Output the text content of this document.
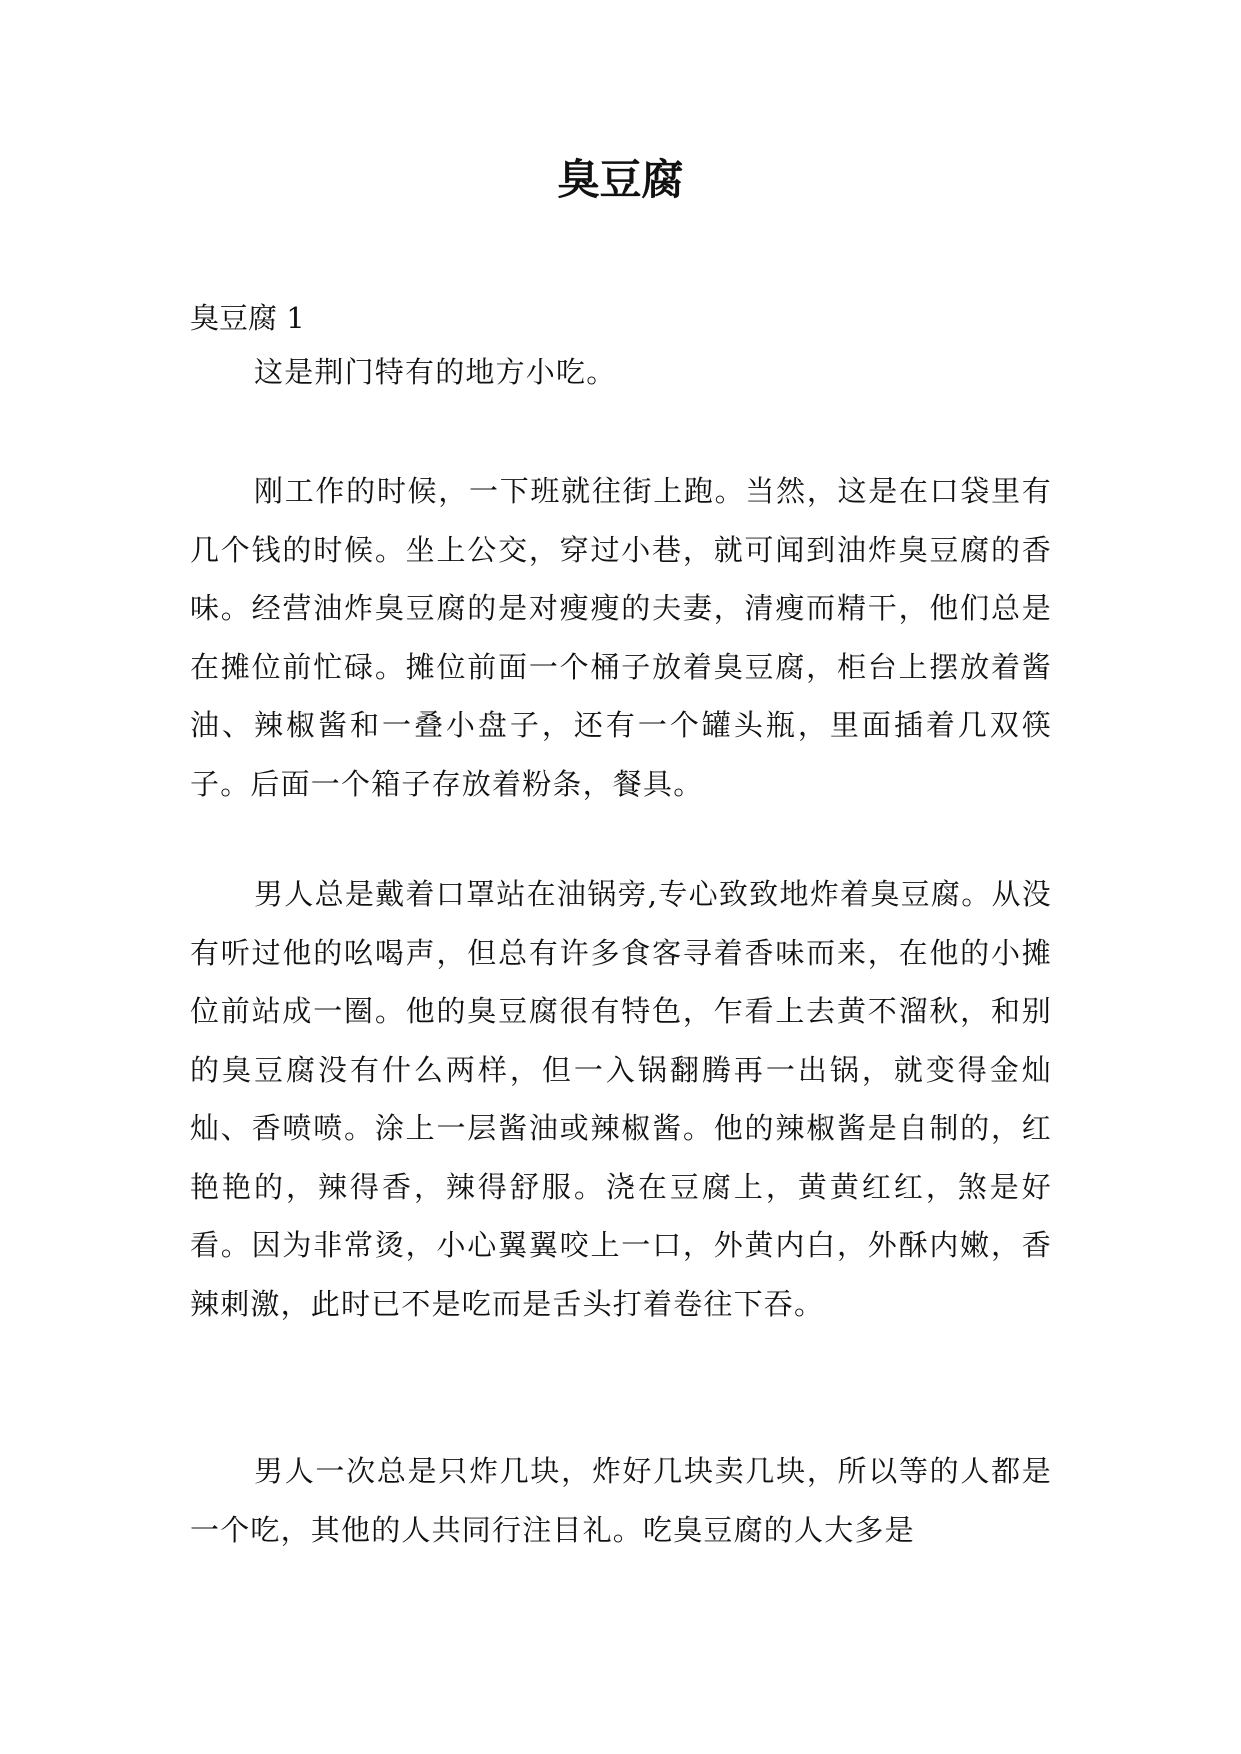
臭豆腐

臭豆腐 1

这是荆门特有的地方小吃。

刚工作的时候，一下班就往街上跑。当然，这是在口袋里有几个钱的时候。坐上公交，穿过小巷，就可闻到油炸臭豆腐的香味。经营油炸臭豆腐的是对瘦瘦的夫妻，清瘦而精干，他们总是在摊位前忙碌。摊位前面一个桶子放着臭豆腐，柜台上摆放着酱油、辣椒酱和一叠小盘子，还有一个罐头瓶，里面插着几双筷子。后面一个箱子存放着粉条，餐具。

男人总是戴着口罩站在油锅旁,专心致致地炸着臭豆腐。从没有听过他的吆喝声，但总有许多食客寻着香味而来，在他的小摊位前站成一圈。他的臭豆腐很有特色，乍看上去黄不溜秋，和别的臭豆腐没有什么两样，但一入锅翻腾再一出锅，就变得金灿灿、香喷喷。涂上一层酱油或辣椒酱。他的辣椒酱是自制的，红艳艳的，辣得香，辣得舒服。浇在豆腐上，黄黄红红，煞是好看。因为非常烫，小心翼翼咬上一口，外黄内白，外酥内嫩，香辣刺激，此时已不是吃而是舌头打着卷往下吞。

男人一次总是只炸几块，炸好几块卖几块，所以等的人都是一个吃，其他的人共同行注目礼。吃臭豆腐的人大多是
